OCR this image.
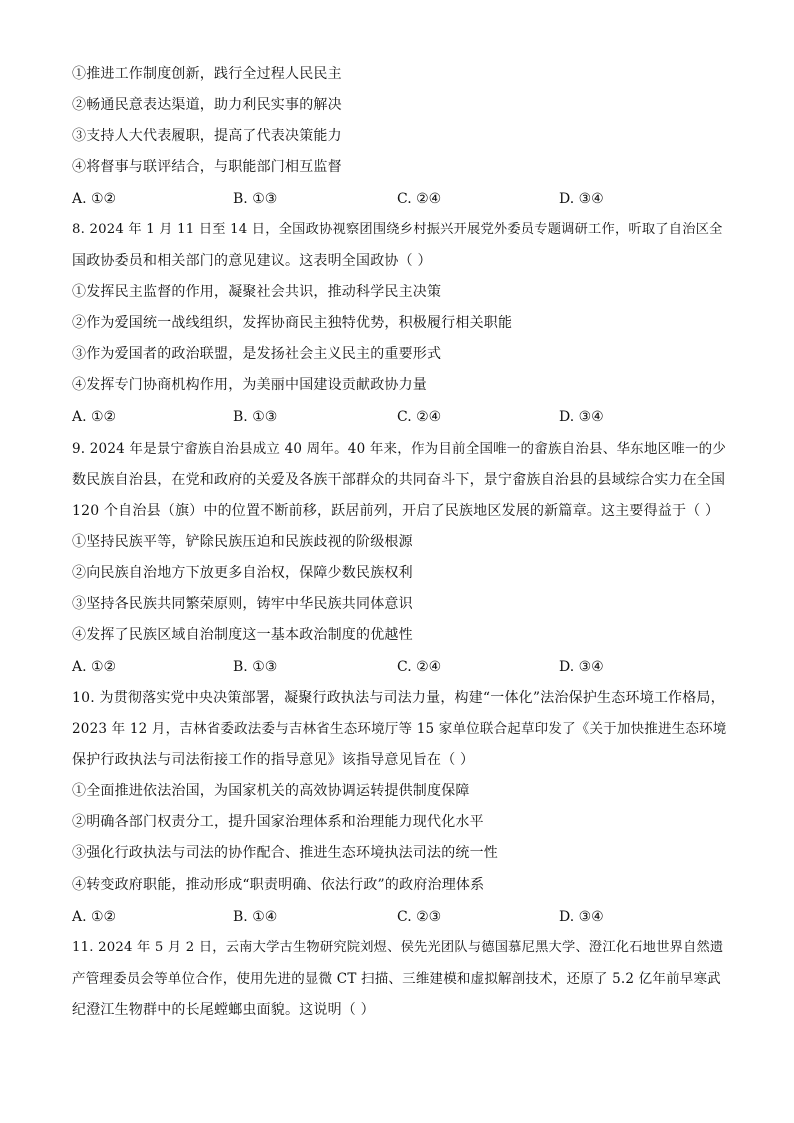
①推进工作制度创新，践行全过程人民民主
②畅通民意表达渠道，助力利民实事的解决
③支持人大代表履职，提高了代表决策能力
④将督事与联评结合，与职能部门相互监督
A. ①②	B. ①③	C. ②④	D. ③④
8. 2024 年 1 月 11 日至 14 日，全国政协视察团围绕乡村振兴开展党外委员专题调研工作，听取了自治区全
国政协委员和相关部门的意见建议。这表明全国政协（ ）
①发挥民主监督的作用，凝聚社会共识，推动科学民主决策
②作为爱国统一战线组织，发挥协商民主独特优势，积极履行相关职能
③作为爱国者的政治联盟，是发扬社会主义民主的重要形式
④发挥专门协商机构作用，为美丽中国建设贡献政协力量
A. ①②	B. ①③	C. ②④	D. ③④
9. 2024 年是景宁畲族自治县成立 40 周年。40 年来，作为目前全国唯一的畲族自治县、华东地区唯一的少
数民族自治县，在党和政府的关爱及各族干部群众的共同奋斗下，景宁畲族自治县的县域综合实力在全国
120 个自治县（旗）中的位置不断前移，跃居前列，开启了民族地区发展的新篇章。这主要得益于（ ）
①坚持民族平等，铲除民族压迫和民族歧视的阶级根源
②向民族自治地方下放更多自治权，保障少数民族权利
③坚持各民族共同繁荣原则，铸牢中华民族共同体意识
④发挥了民族区域自治制度这一基本政治制度的优越性
A. ①②	B. ①③	C. ②④	D. ③④
10. 为贯彻落实党中央决策部署，凝聚行政执法与司法力量，构建“一体化”法治保护生态环境工作格局，
2023 年 12 月，吉林省委政法委与吉林省生态环境厅等 15 家单位联合起草印发了《关于加快推进生态环境
保护行政执法与司法衔接工作的指导意见》该指导意见旨在（ ）
①全面推进依法治国，为国家机关的高效协调运转提供制度保障
②明确各部门权责分工，提升国家治理体系和治理能力现代化水平
③强化行政执法与司法的协作配合、推进生态环境执法司法的统一性
④转变政府职能，推动形成“职责明确、依法行政”的政府治理体系
A. ①②	B. ①④	C. ②③	D. ③④
11. 2024 年 5 月 2 日，云南大学古生物研究院刘煜、侯先光团队与德国慕尼黑大学、澄江化石地世界自然遗
产管理委员会等单位合作，使用先进的显微 CT 扫描、三维建模和虚拟解剖技术，还原了 5.2 亿年前早寒武
纪澄江生物群中的长尾螳螂虫面貌。这说明（ ）
